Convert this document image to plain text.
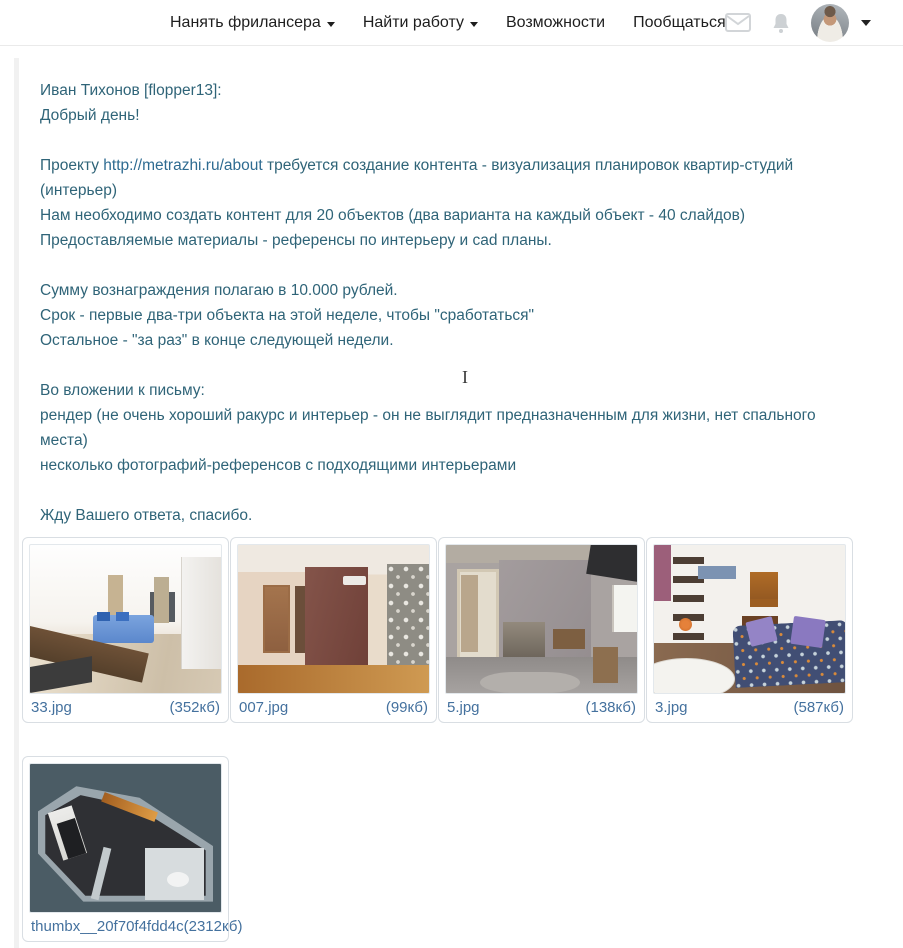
Нанять фрилансера	Найти работу	Возможности Пообщаться
Иван Тихонов [flopper13]:
Добрый день!
Проекту http://metrazhi.ru/about требуется создание контента - визуализация планировок квартир-студий (интерьер)
Нам необходимо создать контент для 20 объектов (два варианта на каждый объект - 40 слайдов)
Предоставляемые материалы - референсы по интерьеру и cad планы.
Сумму вознаграждения полагаю в 10.000 рублей.
Срок - первые два-три объекта на этой неделе, чтобы "сработаться"
Остальное - "за раз" в конце следующей недели.
Во вложении к письму:
рендер (не очень хороший ракурс и интерьер - он не выглядит предназначенным для жизни, нет спального места)
несколько фотографий-референсов с подходящими интерьерами
Жду Вашего ответа, спасибо.
33.jpg	(352кб) 007.jpg	(99кб) 5.jpg	(138кб) 3.jpg	(587кб)
thumbx__20f70f4fdd4c (2312кб)
I
